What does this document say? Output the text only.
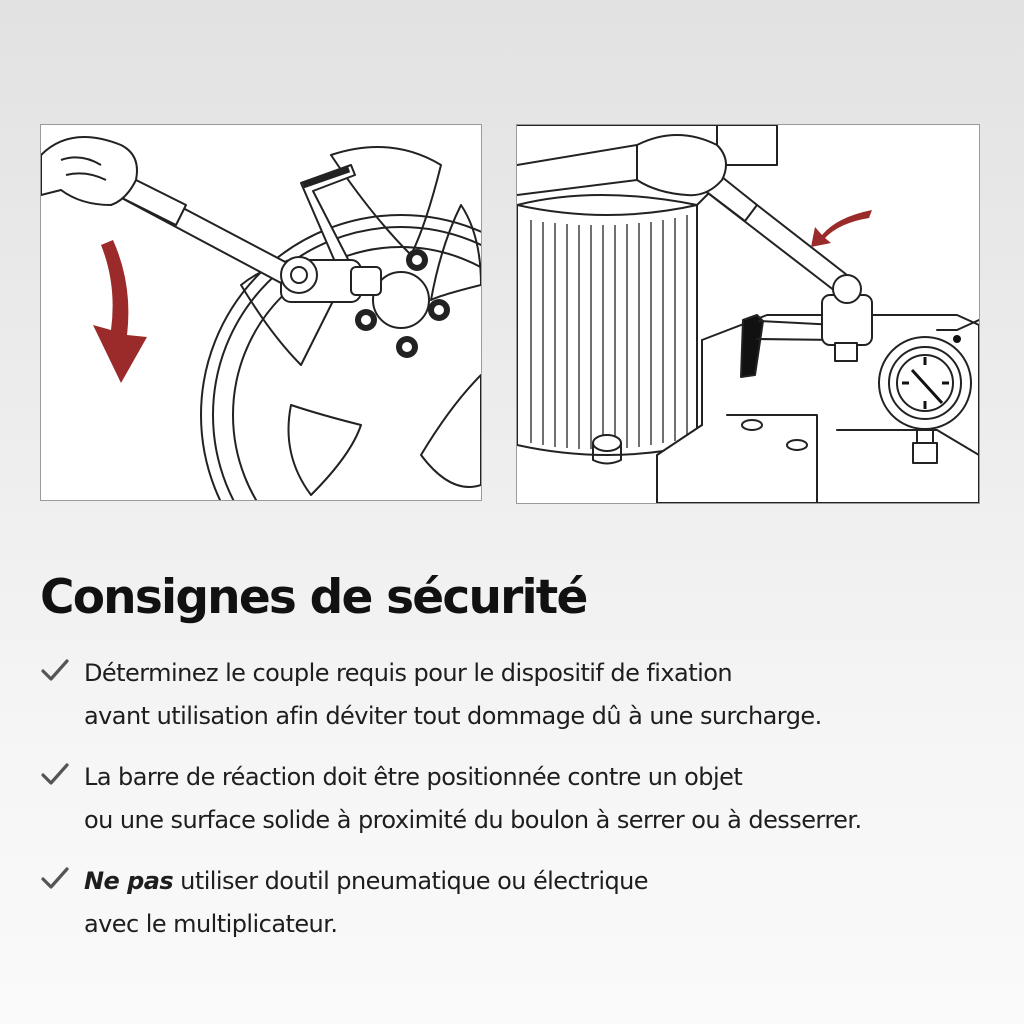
Consignes de sécurité
Déterminez le couple requis pour le dispositif de fixation
avant utilisation afin déviter tout dommage dû à une surcharge.
La barre de réaction doit être positionnée contre un objet
ou une surface solide à proximité du boulon à serrer ou à desserrer.
Ne pas utiliser doutil pneumatique ou électrique
avec le multiplicateur.
